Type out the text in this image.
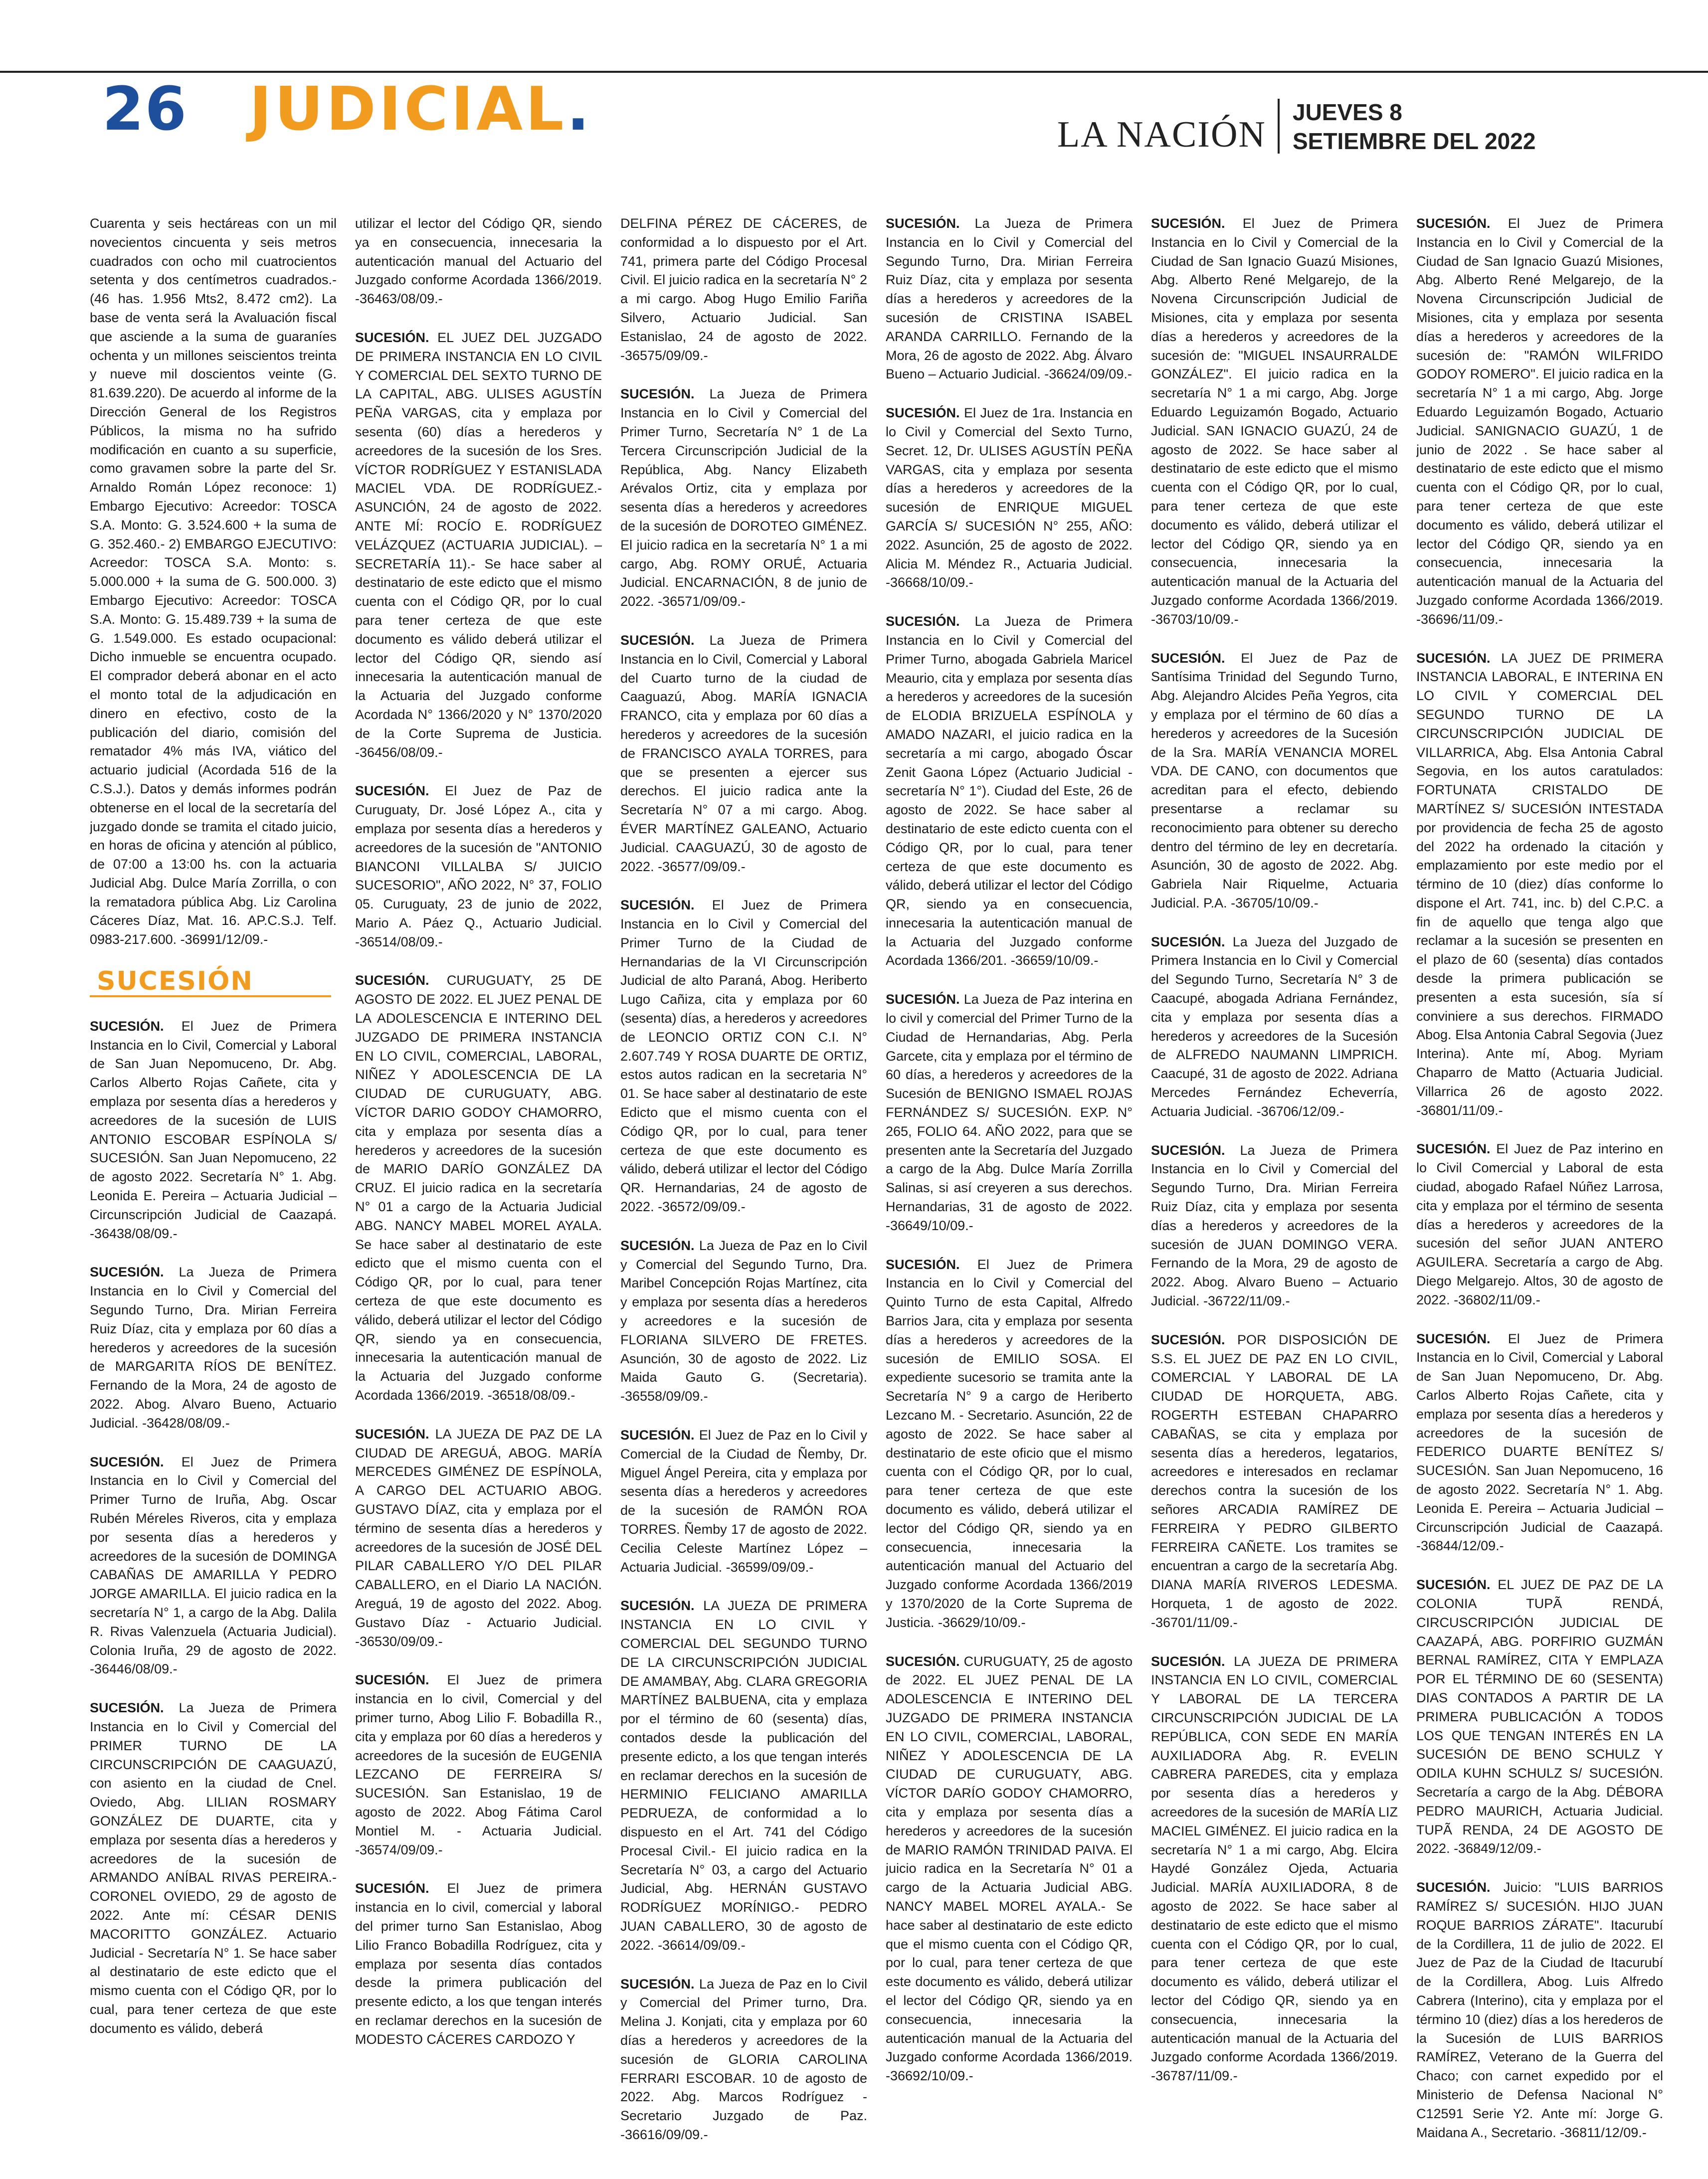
26 JUDICIAL.	LA NACIÓN
JUEVES 8
SETIEMBRE DEL 2022

Cuarenta y seis hectáreas con un mil novecientos cincuenta y seis metros cuadrados con ocho mil cuatrocientos setenta y dos centímetros cuadrados.- (46 has. 1.956 Mts2, 8.472 cm2). La base de venta será la Avaluación fiscal que asciende a la suma de guaraníes ochenta y un millones seiscientos treinta y nueve mil doscientos veinte (G. 81.639.220). De acuerdo al informe de la Dirección General de los Registros Públicos, la misma no ha sufrido modificación en cuanto a su superficie, como gravamen sobre la parte del Sr. Arnaldo Román López reconoce: 1) Embargo Ejecutivo: Acreedor: TOSCA S.A. Monto: G. 3.524.600 + la suma de G. 352.460.- 2) EMBARGO EJECUTIVO: Acreedor: TOSCA S.A. Monto: s. 5.000.000 + la suma de G. 500.000. 3) Embargo Ejecutivo: Acreedor: TOSCA S.A. Monto: G. 15.489.739 + la suma de G. 1.549.000. Es estado ocupacional: Dicho inmueble se encuentra ocupado. El comprador deberá abonar en el acto el monto total de la adjudicación en dinero en efectivo, costo de la publicación del diario, comisión del rematador 4% más IVA, viático del actuario judicial (Acordada 516 de la C.S.J.). Datos y demás informes podrán obtenerse en el local de la secretaría del juzgado donde se tramita el citado juicio, en horas de oficina y atención al público, de 07:00 a 13:00 hs. con la actuaria Judicial Abg. Dulce María Zorrilla, o con la rematadora pública Abg. Liz Carolina Cáceres Díaz, Mat. 16. AP.C.S.J. Telf. 0983-217.600. -36991/12/09.-

SUCESIÓN

SUCESIÓN. El Juez de Primera Instancia en lo Civil, Comercial y Laboral de San Juan Nepomuceno, Dr. Abg. Carlos Alberto Rojas Cañete, cita y emplaza por sesenta días a herederos y acreedores de la sucesión de LUIS ANTONIO ESCOBAR ESPÍNOLA S/ SUCESIÓN. San Juan Nepomuceno, 22 de agosto 2022. Secretaría N° 1. Abg. Leonida E. Pereira – Actuaria Judicial – Circunscripción Judicial de Caazapá. -36438/08/09.-

SUCESIÓN. La Jueza de Primera Instancia en lo Civil y Comercial del Segundo Turno, Dra. Mirian Ferreira Ruiz Díaz, cita y emplaza por 60 días a herederos y acreedores de la sucesión de MARGARITA RÍOS DE BENÍTEZ. Fernando de la Mora, 24 de agosto de 2022. Abog. Alvaro Bueno, Actuario Judicial. -36428/08/09.-

SUCESIÓN. El Juez de Primera Instancia en lo Civil y Comercial del Primer Turno de Iruña, Abg. Oscar Rubén Méreles Riveros, cita y emplaza por sesenta días a herederos y acreedores de la sucesión de DOMINGA CABAÑAS DE AMARILLA Y PEDRO JORGE AMARILLA. El juicio radica en la secretaría N° 1, a cargo de la Abg. Dalila R. Rivas Valenzuela (Actuaria Judicial). Colonia Iruña, 29 de agosto de 2022. -36446/08/09.-

SUCESIÓN. La Jueza de Primera Instancia en lo Civil y Comercial del PRIMER TURNO DE LA CIRCUNSCRIPCIÓN DE CAAGUAZÚ, con asiento en la ciudad de Cnel. Oviedo, Abg. LILIAN ROSMARY GONZÁLEZ DE DUARTE, cita y emplaza por sesenta días a herederos y acreedores de la sucesión de ARMANDO ANÍBAL RIVAS PEREIRA.- CORONEL OVIEDO, 29 de agosto de 2022. Ante mí: CÉSAR DENIS MACORITTO GONZÁLEZ. Actuario Judicial - Secretaría N° 1. Se hace saber al destinatario de este edicto que el mismo cuenta con el Código QR, por lo cual, para tener certeza de que este documento es válido, deberá

utilizar el lector del Código QR, siendo ya en consecuencia, innecesaria la autenticación manual del Actuario del Juzgado conforme Acordada 1366/2019. -36463/08/09.-

SUCESIÓN. EL JUEZ DEL JUZGADO DE PRIMERA INSTANCIA EN LO CIVIL Y COMERCIAL DEL SEXTO TURNO DE LA CAPITAL, ABG. ULISES AGUSTÍN PEÑA VARGAS, cita y emplaza por sesenta (60) días a herederos y acreedores de la sucesión de los Sres. VÍCTOR RODRÍGUEZ Y ESTANISLADA MACIEL VDA. DE RODRÍGUEZ.- ASUNCIÓN, 24 de agosto de 2022. ANTE MÍ: ROCÍO E. RODRÍGUEZ VELÁZQUEZ (ACTUARIA JUDICIAL). –SECRETARÍA 11).- Se hace saber al destinatario de este edicto que el mismo cuenta con el Código QR, por lo cual para tener certeza de que este documento es válido deberá utilizar el lector del Código QR, siendo así innecesaria la autenticación manual de la Actuaria del Juzgado conforme Acordada N° 1366/2020 y N° 1370/2020 de la Corte Suprema de Justicia. -36456/08/09.-

SUCESIÓN. El Juez de Paz de Curuguaty, Dr. José López A., cita y emplaza por sesenta días a herederos y acreedores de la sucesión de "ANTONIO BIANCONI VILLALBA S/ JUICIO SUCESORIO", AÑO 2022, N° 37, FOLIO 05. Curuguaty, 23 de junio de 2022, Mario A. Páez Q., Actuario Judicial. -36514/08/09.-

SUCESIÓN. CURUGUATY, 25 DE AGOSTO DE 2022. EL JUEZ PENAL DE LA ADOLESCENCIA E INTERINO DEL JUZGADO DE PRIMERA INSTANCIA EN LO CIVIL, COMERCIAL, LABORAL, NIÑEZ Y ADOLESCENCIA DE LA CIUDAD DE CURUGUATY, ABG. VÍCTOR DARIO GODOY CHAMORRO, cita y emplaza por sesenta días a herederos y acreedores de la sucesión de MARIO DARÍO GONZÁLEZ DA CRUZ. El juicio radica en la secretaría N° 01 a cargo de la Actuaria Judicial ABG. NANCY MABEL MOREL AYALA. Se hace saber al destinatario de este edicto que el mismo cuenta con el Código QR, por lo cual, para tener certeza de que este documento es válido, deberá utilizar el lector del Código QR, siendo ya en consecuencia, innecesaria la autenticación manual de la Actuaria del Juzgado conforme Acordada 1366/2019. -36518/08/09.-

SUCESIÓN. LA JUEZA DE PAZ DE LA CIUDAD DE AREGUÁ, ABOG. MARÍA MERCEDES GIMÉNEZ DE ESPÍNOLA, A CARGO DEL ACTUARIO ABOG. GUSTAVO DÍAZ, cita y emplaza por el término de sesenta días a herederos y acreedores de la sucesión de JOSÉ DEL PILAR CABALLERO Y/O DEL PILAR CABALLERO, en el Diario LA NACIÓN. Areguá, 19 de agosto del 2022. Abog. Gustavo Díaz - Actuario Judicial. -36530/09/09.-

SUCESIÓN. El Juez de primera instancia en lo civil, Comercial y del primer turno, Abog Lilio F. Bobadilla R., cita y emplaza por 60 días a herederos y acreedores de la sucesión de EUGENIA LEZCANO DE FERREIRA S/ SUCESIÓN. San Estanislao, 19 de agosto de 2022. Abog Fátima Carol Montiel M. - Actuaria Judicial. -36574/09/09.-

SUCESIÓN. El Juez de primera instancia en lo civil, comercial y laboral del primer turno San Estanislao, Abog Lilio Franco Bobadilla Rodríguez, cita y emplaza por sesenta días contados desde la primera publicación del presente edicto, a los que tengan interés en reclamar derechos en la sucesión de MODESTO CÁCERES CARDOZO Y

DELFINA PÉREZ DE CÁCERES, de conformidad a lo dispuesto por el Art. 741, primera parte del Código Procesal Civil. El juicio radica en la secretaría N° 2 a mi cargo. Abog Hugo Emilio Fariña Silvero, Actuario Judicial. San Estanislao, 24 de agosto de 2022. -36575/09/09.-

SUCESIÓN. La Jueza de Primera Instancia en lo Civil y Comercial del Primer Turno, Secretaría N° 1 de La Tercera Circunscripción Judicial de la República, Abg. Nancy Elizabeth Arévalos Ortiz, cita y emplaza por sesenta días a herederos y acreedores de la sucesión de DOROTEO GIMÉNEZ. El juicio radica en la secretaría N° 1 a mi cargo, Abg. ROMY ORUÉ, Actuaria Judicial. ENCARNACIÓN, 8 de junio de 2022. -36571/09/09.-

SUCESIÓN. La Jueza de Primera Instancia en lo Civil, Comercial y Laboral del Cuarto turno de la ciudad de Caaguazú, Abog. MARÍA IGNACIA FRANCO, cita y emplaza por 60 días a herederos y acreedores de la sucesión de FRANCISCO AYALA TORRES, para que se presenten a ejercer sus derechos. El juicio radica ante la Secretaría N° 07 a mi cargo. Abog. ÉVER MARTÍNEZ GALEANO, Actuario Judicial. CAAGUAZÚ, 30 de agosto de 2022. -36577/09/09.-

SUCESIÓN. El Juez de Primera Instancia en lo Civil y Comercial del Primer Turno de la Ciudad de Hernandarias de la VI Circunscripción Judicial de alto Paraná, Abog. Heriberto Lugo Cañiza, cita y emplaza por 60 (sesenta) días, a herederos y acreedores de LEONCIO ORTIZ CON C.I. N° 2.607.749 Y ROSA DUARTE DE ORTIZ, estos autos radican en la secretaria N° 01. Se hace saber al destinatario de este Edicto que el mismo cuenta con el Código QR, por lo cual, para tener certeza de que este documento es válido, deberá utilizar el lector del Código QR. Hernandarias, 24 de agosto de 2022. -36572/09/09.-

SUCESIÓN. La Jueza de Paz en lo Civil y Comercial del Segundo Turno, Dra. Maribel Concepción Rojas Martínez, cita y emplaza por sesenta días a herederos y acreedores e la sucesión de FLORIANA SILVERO DE FRETES. Asunción, 30 de agosto de 2022. Liz Maida Gauto G. (Secretaria). -36558/09/09.-

SUCESIÓN. El Juez de Paz en lo Civil y Comercial de la Ciudad de Ñemby, Dr. Miguel Ángel Pereira, cita y emplaza por sesenta días a herederos y acreedores de la sucesión de RAMÓN ROA TORRES. Ñemby 17 de agosto de 2022. Cecilia Celeste Martínez López – Actuaria Judicial. -36599/09/09.-

SUCESIÓN. LA JUEZA DE PRIMERA INSTANCIA EN LO CIVIL Y COMERCIAL DEL SEGUNDO TURNO DE LA CIRCUNSCRIPCIÓN JUDICIAL DE AMAMBAY, Abg. CLARA GREGORIA MARTÍNEZ BALBUENA, cita y emplaza por el término de 60 (sesenta) días, contados desde la publicación del presente edicto, a los que tengan interés en reclamar derechos en la sucesión de HERMINIO FELICIANO AMARILLA PEDRUEZA, de conformidad a lo dispuesto en el Art. 741 del Código Procesal Civil.- El juicio radica en la Secretaría N° 03, a cargo del Actuario Judicial, Abg. HERNÁN GUSTAVO RODRÍGUEZ MORÍNIGO.- PEDRO JUAN CABALLERO, 30 de agosto de 2022. -36614/09/09.-

SUCESIÓN. La Jueza de Paz en lo Civil y Comercial del Primer turno, Dra. Melina J. Konjati, cita y emplaza por 60 días a herederos y acreedores de la sucesión de GLORIA CAROLINA FERRARI ESCOBAR. 10 de agosto de 2022. Abg. Marcos Rodríguez - Secretario Juzgado de Paz. -36616/09/09.-

SUCESIÓN. La Jueza de Primera Instancia en lo Civil y Comercial del Segundo Turno, Dra. Mirian Ferreira Ruiz Díaz, cita y emplaza por sesenta días a herederos y acreedores de la sucesión de CRISTINA ISABEL ARANDA CARRILLO. Fernando de la Mora, 26 de agosto de 2022. Abg. Álvaro Bueno – Actuario Judicial. -36624/09/09.-

SUCESIÓN. El Juez de 1ra. Instancia en lo Civil y Comercial del Sexto Turno, Secret. 12, Dr. ULISES AGUSTÍN PEÑA VARGAS, cita y emplaza por sesenta días a herederos y acreedores de la sucesión de ENRIQUE MIGUEL GARCÍA S/ SUCESIÓN N° 255, AÑO: 2022. Asunción, 25 de agosto de 2022. Alicia M. Méndez R., Actuaria Judicial. -36668/10/09.-

SUCESIÓN. La Jueza de Primera Instancia en lo Civil y Comercial del Primer Turno, abogada Gabriela Maricel Meaurio, cita y emplaza por sesenta días a herederos y acreedores de la sucesión de ELODIA BRIZUELA ESPÍNOLA y AMADO NAZARI, el juicio radica en la secretaría a mi cargo, abogado Óscar Zenit Gaona López (Actuario Judicial - secretaría N° 1°). Ciudad del Este, 26 de agosto de 2022. Se hace saber al destinatario de este edicto cuenta con el Código QR, por lo cual, para tener certeza de que este documento es válido, deberá utilizar el lector del Código QR, siendo ya en consecuencia, innecesaria la autenticación manual de la Actuaria del Juzgado conforme Acordada 1366/201. -36659/10/09.-

SUCESIÓN. La Jueza de Paz interina en lo civil y comercial del Primer Turno de la Ciudad de Hernandarias, Abg. Perla Garcete, cita y emplaza por el término de 60 días, a herederos y acreedores de la Sucesión de BENIGNO ISMAEL ROJAS FERNÁNDEZ S/ SUCESIÓN. EXP. N° 265, FOLIO 64. AÑO 2022, para que se presenten ante la Secretaría del Juzgado a cargo de la Abg. Dulce María Zorrilla Salinas, si así creyeren a sus derechos. Hernandarias, 31 de agosto de 2022. -36649/10/09.-

SUCESIÓN. El Juez de Primera Instancia en lo Civil y Comercial del Quinto Turno de esta Capital, Alfredo Barrios Jara, cita y emplaza por sesenta días a herederos y acreedores de la sucesión de EMILIO SOSA. El expediente sucesorio se tramita ante la Secretaría N° 9 a cargo de Heriberto Lezcano M. - Secretario. Asunción, 22 de agosto de 2022. Se hace saber al destinatario de este oficio que el mismo cuenta con el Código QR, por lo cual, para tener certeza de que este documento es válido, deberá utilizar el lector del Código QR, siendo ya en consecuencia, innecesaria la autenticación manual del Actuario del Juzgado conforme Acordada 1366/2019 y 1370/2020 de la Corte Suprema de Justicia. -36629/10/09.-

SUCESIÓN. CURUGUATY, 25 de agosto de 2022. EL JUEZ PENAL DE LA ADOLESCENCIA E INTERINO DEL JUZGADO DE PRIMERA INSTANCIA EN LO CIVIL, COMERCIAL, LABORAL, NIÑEZ Y ADOLESCENCIA DE LA CIUDAD DE CURUGUATY, ABG. VÍCTOR DARÍO GODOY CHAMORRO, cita y emplaza por sesenta días a herederos y acreedores de la sucesión de MARIO RAMÓN TRINIDAD PAIVA. El juicio radica en la Secretaría N° 01 a cargo de la Actuaria Judicial ABG. NANCY MABEL MOREL AYALA.- Se hace saber al destinatario de este edicto que el mismo cuenta con el Código QR, por lo cual, para tener certeza de que este documento es válido, deberá utilizar el lector del Código QR, siendo ya en consecuencia, innecesaria la autenticación manual de la Actuaria del Juzgado conforme Acordada 1366/2019. -36692/10/09.-

SUCESIÓN. El Juez de Primera Instancia en lo Civil y Comercial de la Ciudad de San Ignacio Guazú Misiones, Abg. Alberto René Melgarejo, de la Novena Circunscripción Judicial de Misiones, cita y emplaza por sesenta días a herederos y acreedores de la sucesión de: "MIGUEL INSAURRALDE GONZÁLEZ". El juicio radica en la secretaría N° 1 a mi cargo, Abg. Jorge Eduardo Leguizamón Bogado, Actuario Judicial. SAN IGNACIO GUAZÚ, 24 de agosto de 2022. Se hace saber al destinatario de este edicto que el mismo cuenta con el Código QR, por lo cual, para tener certeza de que este documento es válido, deberá utilizar el lector del Código QR, siendo ya en consecuencia, innecesaria la autenticación manual de la Actuaria del Juzgado conforme Acordada 1366/2019. -36703/10/09.-

SUCESIÓN. El Juez de Paz de Santísima Trinidad del Segundo Turno, Abg. Alejandro Alcides Peña Yegros, cita y emplaza por el término de 60 días a herederos y acreedores de la Sucesión de la Sra. MARÍA VENANCIA MOREL VDA. DE CANO, con documentos que acreditan para el efecto, debiendo presentarse a reclamar su reconocimiento para obtener su derecho dentro del término de ley en decretaría. Asunción, 30 de agosto de 2022. Abg. Gabriela Nair Riquelme, Actuaria Judicial. P.A. -36705/10/09.-

SUCESIÓN. La Jueza del Juzgado de Primera Instancia en lo Civil y Comercial del Segundo Turno, Secretaría N° 3 de Caacupé, abogada Adriana Fernández, cita y emplaza por sesenta días a herederos y acreedores de la Sucesión de ALFREDO NAUMANN LIMPRICH. Caacupé, 31 de agosto de 2022. Adriana Mercedes Fernández Echeverría, Actuaria Judicial. -36706/12/09.-

SUCESIÓN. La Jueza de Primera Instancia en lo Civil y Comercial del Segundo Turno, Dra. Mirian Ferreira Ruiz Díaz, cita y emplaza por sesenta días a herederos y acreedores de la sucesión de JUAN DOMINGO VERA. Fernando de la Mora, 29 de agosto de 2022. Abog. Alvaro Bueno – Actuario Judicial. -36722/11/09.-

SUCESIÓN. POR DISPOSICIÓN DE S.S. EL JUEZ DE PAZ EN LO CIVIL, COMERCIAL Y LABORAL DE LA CIUDAD DE HORQUETA, ABG. ROGERTH ESTEBAN CHAPARRO CABAÑAS, se cita y emplaza por sesenta días a herederos, legatarios, acreedores e interesados en reclamar derechos contra la sucesión de los señores ARCADIA RAMÍREZ DE FERREIRA Y PEDRO GILBERTO FERREIRA CAÑETE. Los tramites se encuentran a cargo de la secretaría Abg. DIANA MARÍA RIVEROS LEDESMA. Horqueta, 1 de agosto de 2022. -36701/11/09.-

SUCESIÓN. LA JUEZA DE PRIMERA INSTANCIA EN LO CIVIL, COMERCIAL Y LABORAL DE LA TERCERA CIRCUNSCRIPCIÓN JUDICIAL DE LA REPÚBLICA, CON SEDE EN MARÍA AUXILIADORA Abg. R. EVELIN CABRERA PAREDES, cita y emplaza por sesenta días a herederos y acreedores de la sucesión de MARÍA LIZ MACIEL GIMÉNEZ. El juicio radica en la secretaría N° 1 a mi cargo, Abg. Elcira Haydé González Ojeda, Actuaria Judicial. MARÍA AUXILIADORA, 8 de agosto de 2022. Se hace saber al destinatario de este edicto que el mismo cuenta con el Código QR, por lo cual, para tener certeza de que este documento es válido, deberá utilizar el lector del Código QR, siendo ya en consecuencia, innecesaria la autenticación manual de la Actuaria del Juzgado conforme Acordada 1366/2019. -36787/11/09.-

SUCESIÓN. El Juez de Primera Instancia en lo Civil y Comercial de la Ciudad de San Ignacio Guazú Misiones, Abg. Alberto René Melgarejo, de la Novena Circunscripción Judicial de Misiones, cita y emplaza por sesenta días a herederos y acreedores de la sucesión de: "RAMÓN WILFRIDO GODOY ROMERO". El juicio radica en la secretaría N° 1 a mi cargo, Abg. Jorge Eduardo Leguizamón Bogado, Actuario Judicial. SANIGNACIO GUAZÚ, 1 de junio de 2022 . Se hace saber al destinatario de este edicto que el mismo cuenta con el Código QR, por lo cual, para tener certeza de que este documento es válido, deberá utilizar el lector del Código QR, siendo ya en consecuencia, innecesaria la autenticación manual de la Actuaria del Juzgado conforme Acordada 1366/2019. -36696/11/09.-

SUCESIÓN. LA JUEZ DE PRIMERA INSTANCIA LABORAL, E INTERINA EN LO CIVIL Y COMERCIAL DEL SEGUNDO TURNO DE LA CIRCUNSCRIPCIÓN JUDICIAL DE VILLARRICA, Abg. Elsa Antonia Cabral Segovia, en los autos caratulados: FORTUNATA CRISTALDO DE MARTÍNEZ S/ SUCESIÓN INTESTADA por providencia de fecha 25 de agosto del 2022 ha ordenado la citación y emplazamiento por este medio por el término de 10 (diez) días conforme lo dispone el Art. 741, inc. b) del C.P.C. a fin de aquello que tenga algo que reclamar a la sucesión se presenten en el plazo de 60 (sesenta) días contados desde la primera publicación se presenten a esta sucesión, sía sí conviniere a sus derechos. FIRMADO Abog. Elsa Antonia Cabral Segovia (Juez Interina). Ante mí, Abog. Myriam Chaparro de Matto (Actuaria Judicial. Villarrica 26 de agosto 2022. -36801/11/09.-

SUCESIÓN. El Juez de Paz interino en lo Civil Comercial y Laboral de esta ciudad, abogado Rafael Núñez Larrosa, cita y emplaza por el término de sesenta días a herederos y acreedores de la sucesión del señor JUAN ANTERO AGUILERA. Secretaría a cargo de Abg. Diego Melgarejo. Altos, 30 de agosto de 2022. -36802/11/09.-

SUCESIÓN. El Juez de Primera Instancia en lo Civil, Comercial y Laboral de San Juan Nepomuceno, Dr. Abg. Carlos Alberto Rojas Cañete, cita y emplaza por sesenta días a herederos y acreedores de la sucesión de FEDERICO DUARTE BENÍTEZ S/ SUCESIÓN. San Juan Nepomuceno, 16 de agosto 2022. Secretaría N° 1. Abg. Leonida E. Pereira – Actuaria Judicial – Circunscripción Judicial de Caazapá. -36844/12/09.-

SUCESIÓN. EL JUEZ DE PAZ DE LA COLONIA TUPÃ RENDÁ, CIRCUSCRIPCIÓN JUDICIAL DE CAAZAPÁ, ABG. PORFIRIO GUZMÁN BERNAL RAMÍREZ, CITA Y EMPLAZA POR EL TÉRMINO DE 60 (SESENTA) DIAS CONTADOS A PARTIR DE LA PRIMERA PUBLICACIÓN A TODOS LOS QUE TENGAN INTERÉS EN LA SUCESIÓN DE BENO SCHULZ Y ODILA KUHN SCHULZ S/ SUCESIÓN. Secretaría a cargo de la Abg. DÉBORA PEDRO MAURICH, Actuaria Judicial. TUPÃ RENDA, 24 DE AGOSTO DE 2022. -36849/12/09.-

SUCESIÓN. Juicio: "LUIS BARRIOS RAMÍREZ S/ SUCESIÓN. HIJO JUAN ROQUE BARRIOS ZÁRATE". Itacurubí de la Cordillera, 11 de julio de 2022. El Juez de Paz de la Ciudad de Itacurubí de la Cordillera, Abog. Luis Alfredo Cabrera (Interino), cita y emplaza por el término 10 (diez) días a los herederos de la Sucesión de LUIS BARRIOS RAMÍREZ, Veterano de la Guerra del Chaco; con carnet expedido por el Ministerio de Defensa Nacional N° C12591 Serie Y2. Ante mí: Jorge G. Maidana A., Secretario. -36811/12/09.-
